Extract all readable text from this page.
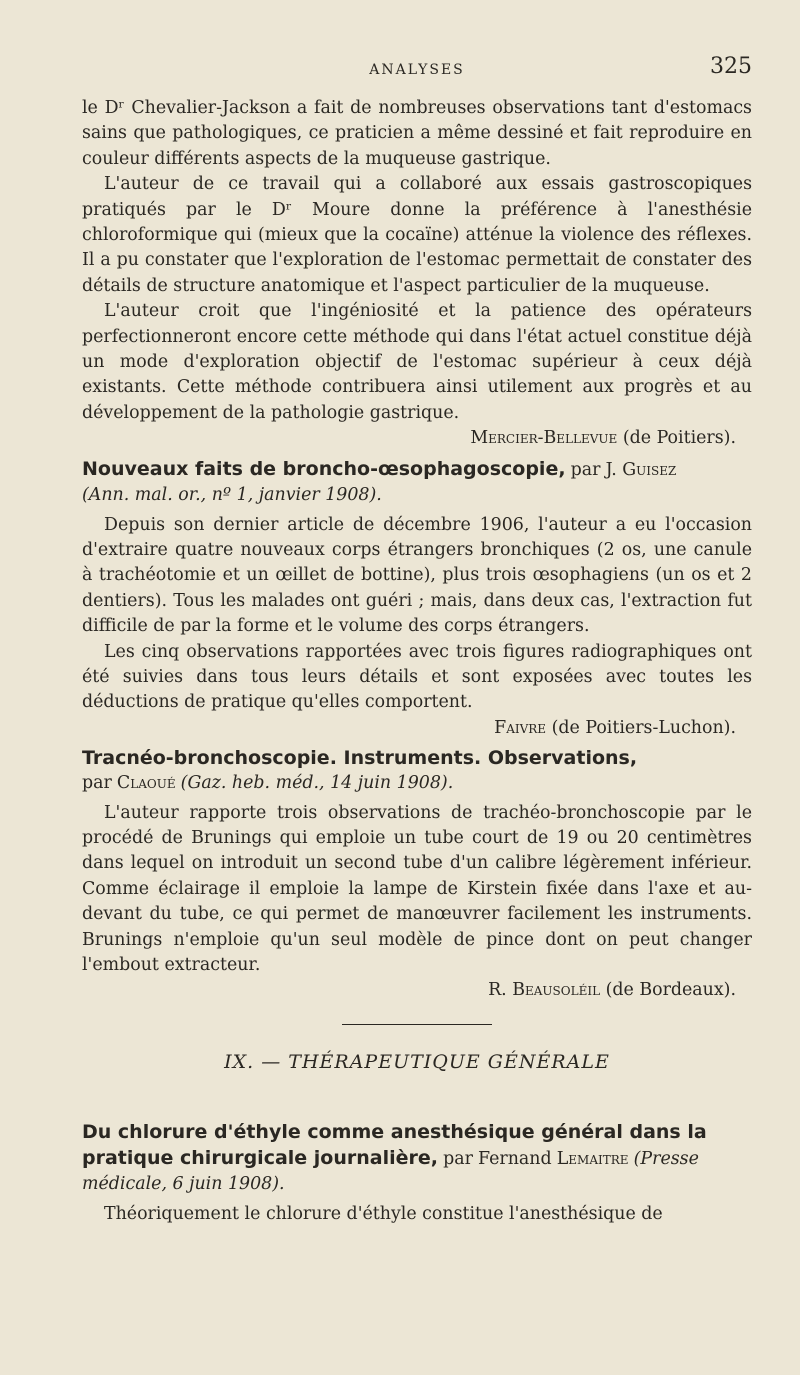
ANALYSES	325

le Dʳ Chevalier-Jackson a fait de nombreuses observations tant d'estomacs sains que pathologiques, ce praticien a même dessiné et fait reproduire en couleur différents aspects de la muqueuse gastrique.

L'auteur de ce travail qui a collaboré aux essais gastroscopiques pratiqués par le Dʳ Moure donne la préférence à l'anesthésie chloroformique qui (mieux que la cocaïne) atténue la violence des réflexes. Il a pu constater que l'exploration de l'estomac permettait de constater des détails de structure anatomique et l'aspect particulier de la muqueuse.

L'auteur croit que l'ingéniosité et la patience des opérateurs perfectionneront encore cette méthode qui dans l'état actuel constitue déjà un mode d'exploration objectif de l'estomac supérieur à ceux déjà existants. Cette méthode contribuera ainsi utilement aux progrès et au développement de la pathologie gastrique.

Mercier-Bellevue (de Poitiers).
Nouveaux faits de broncho-œsophagoscopie, par J. Guisez
(Ann. mal. or., nº 1, janvier 1908).

Depuis son dernier article de décembre 1906, l'auteur a eu l'occasion d'extraire quatre nouveaux corps étrangers bronchiques (2 os, une canule à trachéotomie et un œillet de bottine), plus trois œsophagiens (un os et 2 dentiers). Tous les malades ont guéri ; mais, dans deux cas, l'extraction fut difficile de par la forme et le volume des corps étrangers.

Les cinq observations rapportées avec trois figures radiographiques ont été suivies dans tous leurs détails et sont exposées avec toutes les déductions de pratique qu'elles comportent.

Faivre (de Poitiers-Luchon).
Tracnéo-bronchoscopie. Instruments. Observations,
par Claoué (Gaz. heb. méd., 14 juin 1908).

L'auteur rapporte trois observations de trachéo-bronchoscopie par le procédé de Brunings qui emploie un tube court de 19 ou 20 centimètres dans lequel on introduit un second tube d'un calibre légèrement inférieur. Comme éclairage il emploie la lampe de Kirstein fixée dans l'axe et au-devant du tube, ce qui permet de manœuvrer facilement les instruments. Brunings n'emploie qu'un seul modèle de pince dont on peut changer l'embout extracteur.

R. Beausoléil (de Bordeaux).
IX. — THÉRAPEUTIQUE GÉNÉRALE
Du chlorure d'éthyle comme anesthésique général dans la pratique chirurgicale journalière, par Fernand Lemaitre (Presse médicale, 6 juin 1908).

Théoriquement le chlorure d'éthyle constitue l'anesthésique de
